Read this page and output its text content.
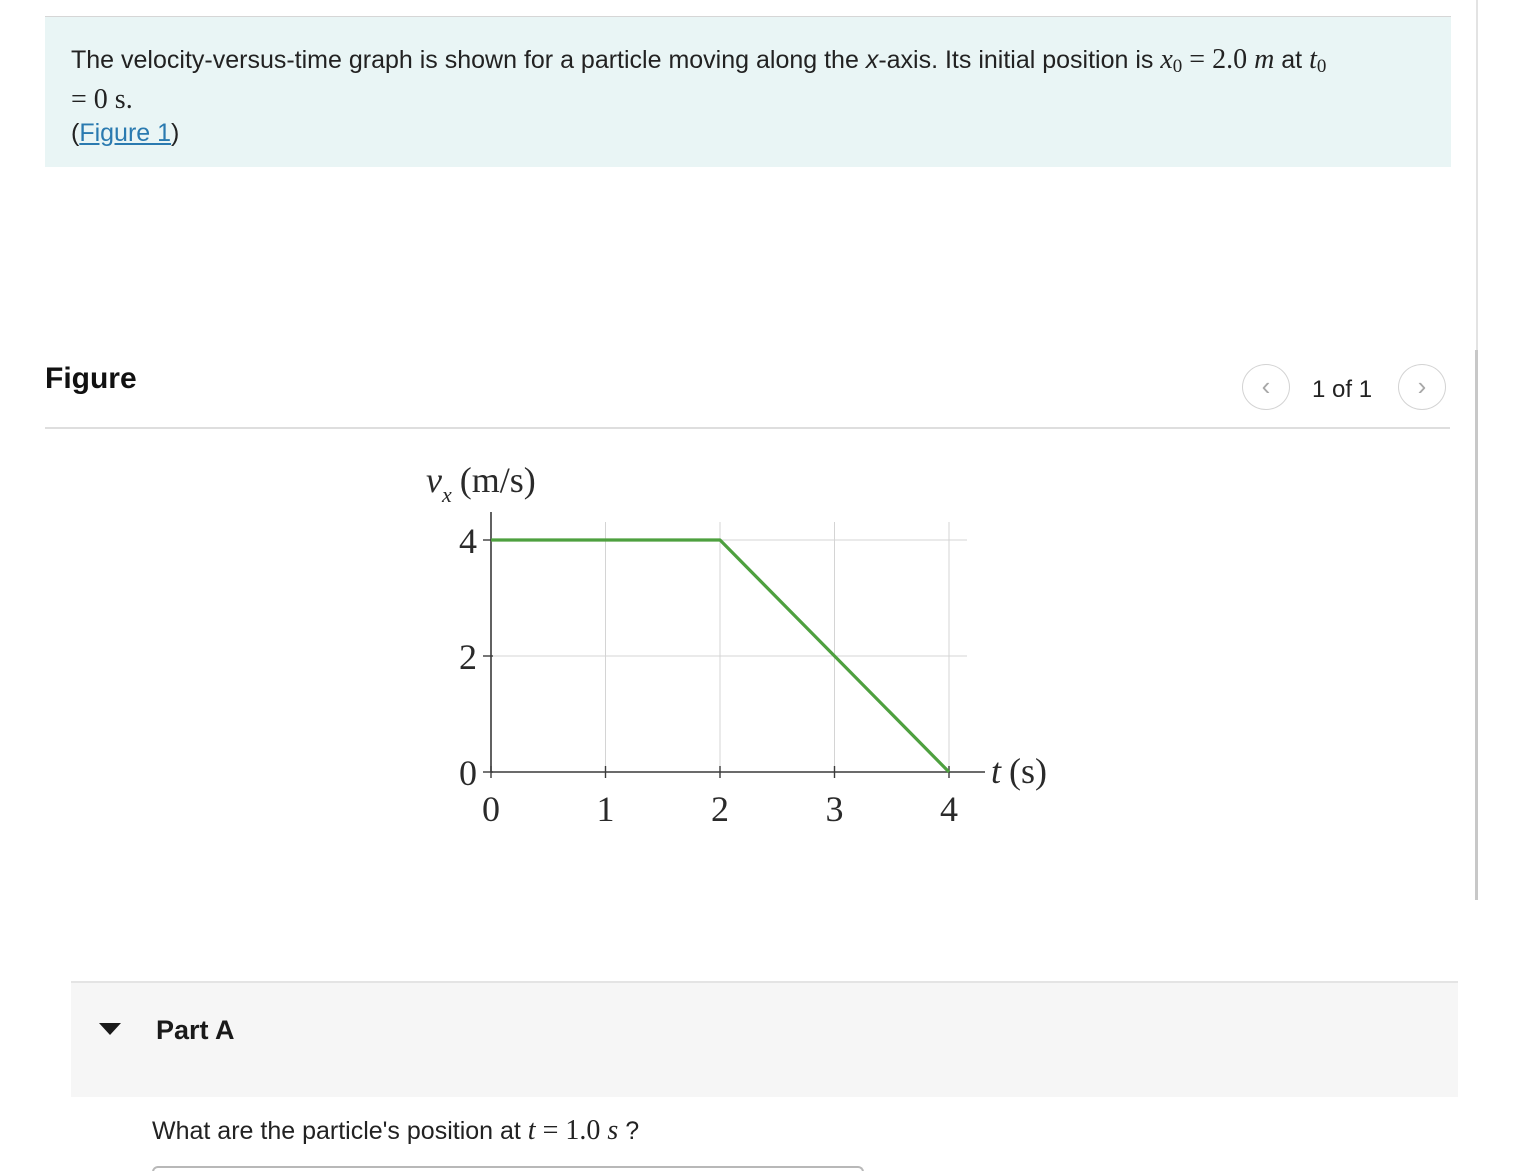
The velocity-versus-time graph is shown for a particle moving along the x-axis. Its initial position is $x_0 = 2.0$ m at $t_0$
= 0 s.
(Figure 1)
Figure	‹	1 of 1	›
0	1	2	3	4
0
2
4
$v_x$ (m/s)
t (s)
Part A
What are the particle's position at t = 1.0 s ?
